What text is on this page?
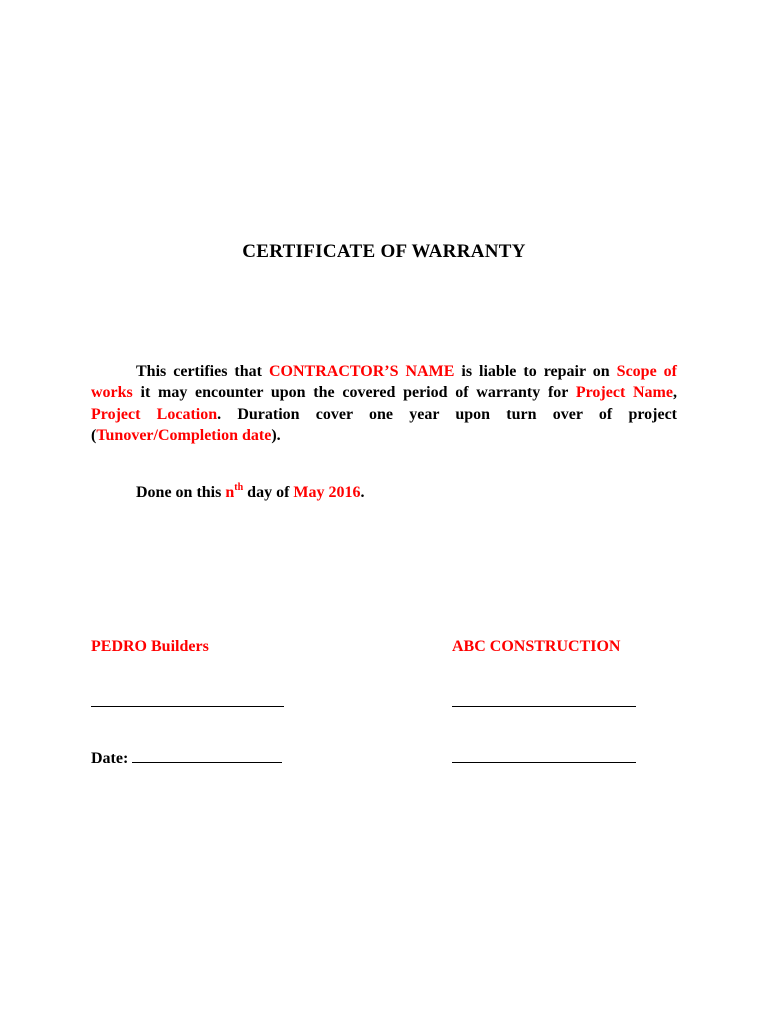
CERTIFICATE OF WARRANTY

This certifies that CONTRACTOR’S NAME is liable to repair on Scope of works it may encounter upon the covered period of warranty for Project Name, Project Location. Duration cover one year upon turn over of project (Tunover/Completion date).

Done on this $n^{th}$ day of May 2016.

PEDRO Builders	ABC CONSTRUCTION
Date:
